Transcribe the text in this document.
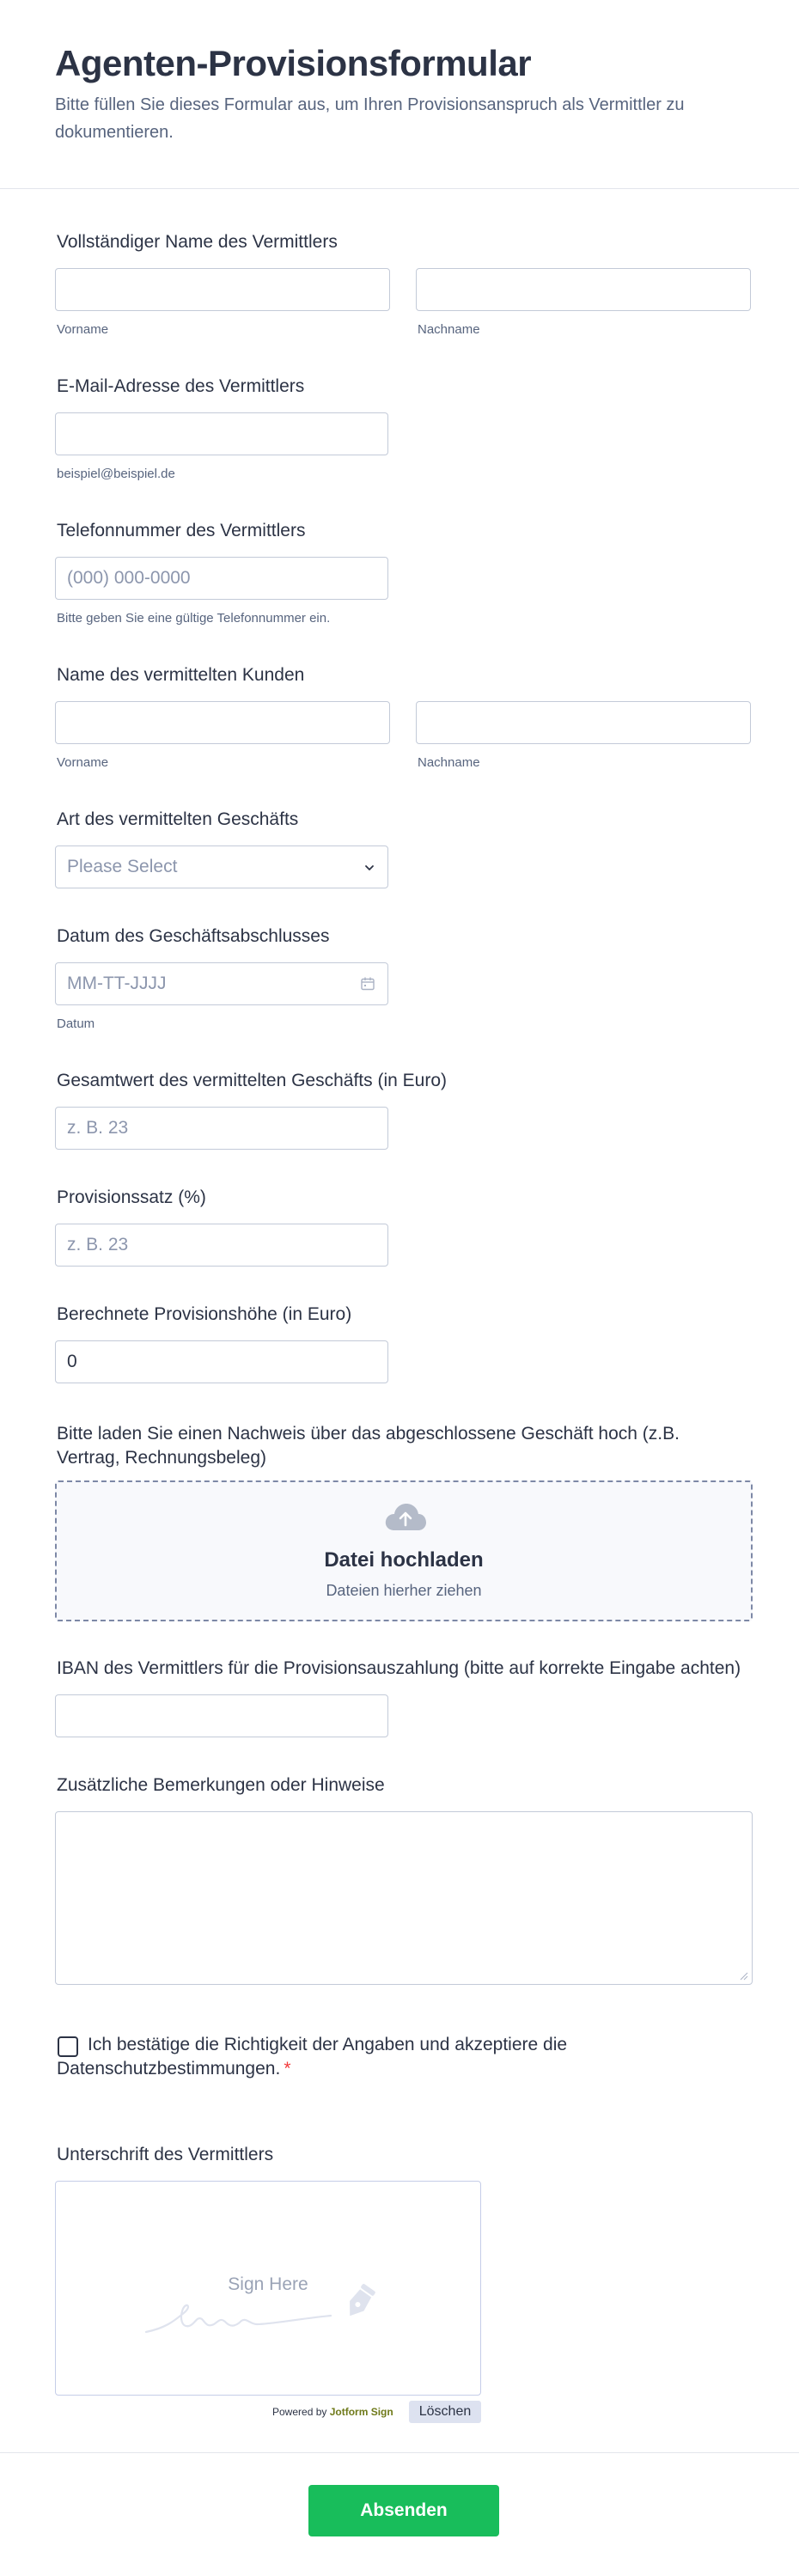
Agenten-Provisionsformular
Bitte füllen Sie dieses Formular aus, um Ihren Provisionsanspruch als Vermittler zu dokumentieren.
Vollständiger Name des Vermittlers
Vorname	Nachname
E-Mail-Adresse des Vermittlers
beispiel@beispiel.de
Telefonnummer des Vermittlers
(000) 000-0000
Bitte geben Sie eine gültige Telefonnummer ein.
Name des vermittelten Kunden
Vorname	Nachname
Art des vermittelten Geschäfts
Please Select
Datum des Geschäftsabschlusses
MM-TT-JJJJ
Datum
Gesamtwert des vermittelten Geschäfts (in Euro)
z. B. 23
Provisionssatz (%)
z. B. 23
Berechnete Provisionshöhe (in Euro)
0
Bitte laden Sie einen Nachweis über das abgeschlossene Geschäft hoch (z.B. Vertrag, Rechnungsbeleg)
Datei hochladen
Dateien hierher ziehen
IBAN des Vermittlers für die Provisionsauszahlung (bitte auf korrekte Eingabe achten)
Zusätzliche Bemerkungen oder Hinweise
Ich bestätige die Richtigkeit der Angaben und akzeptiere die Datenschutzbestimmungen. *
Unterschrift des Vermittlers
Sign Here
Powered by Jotform Sign	Löschen
Absenden
